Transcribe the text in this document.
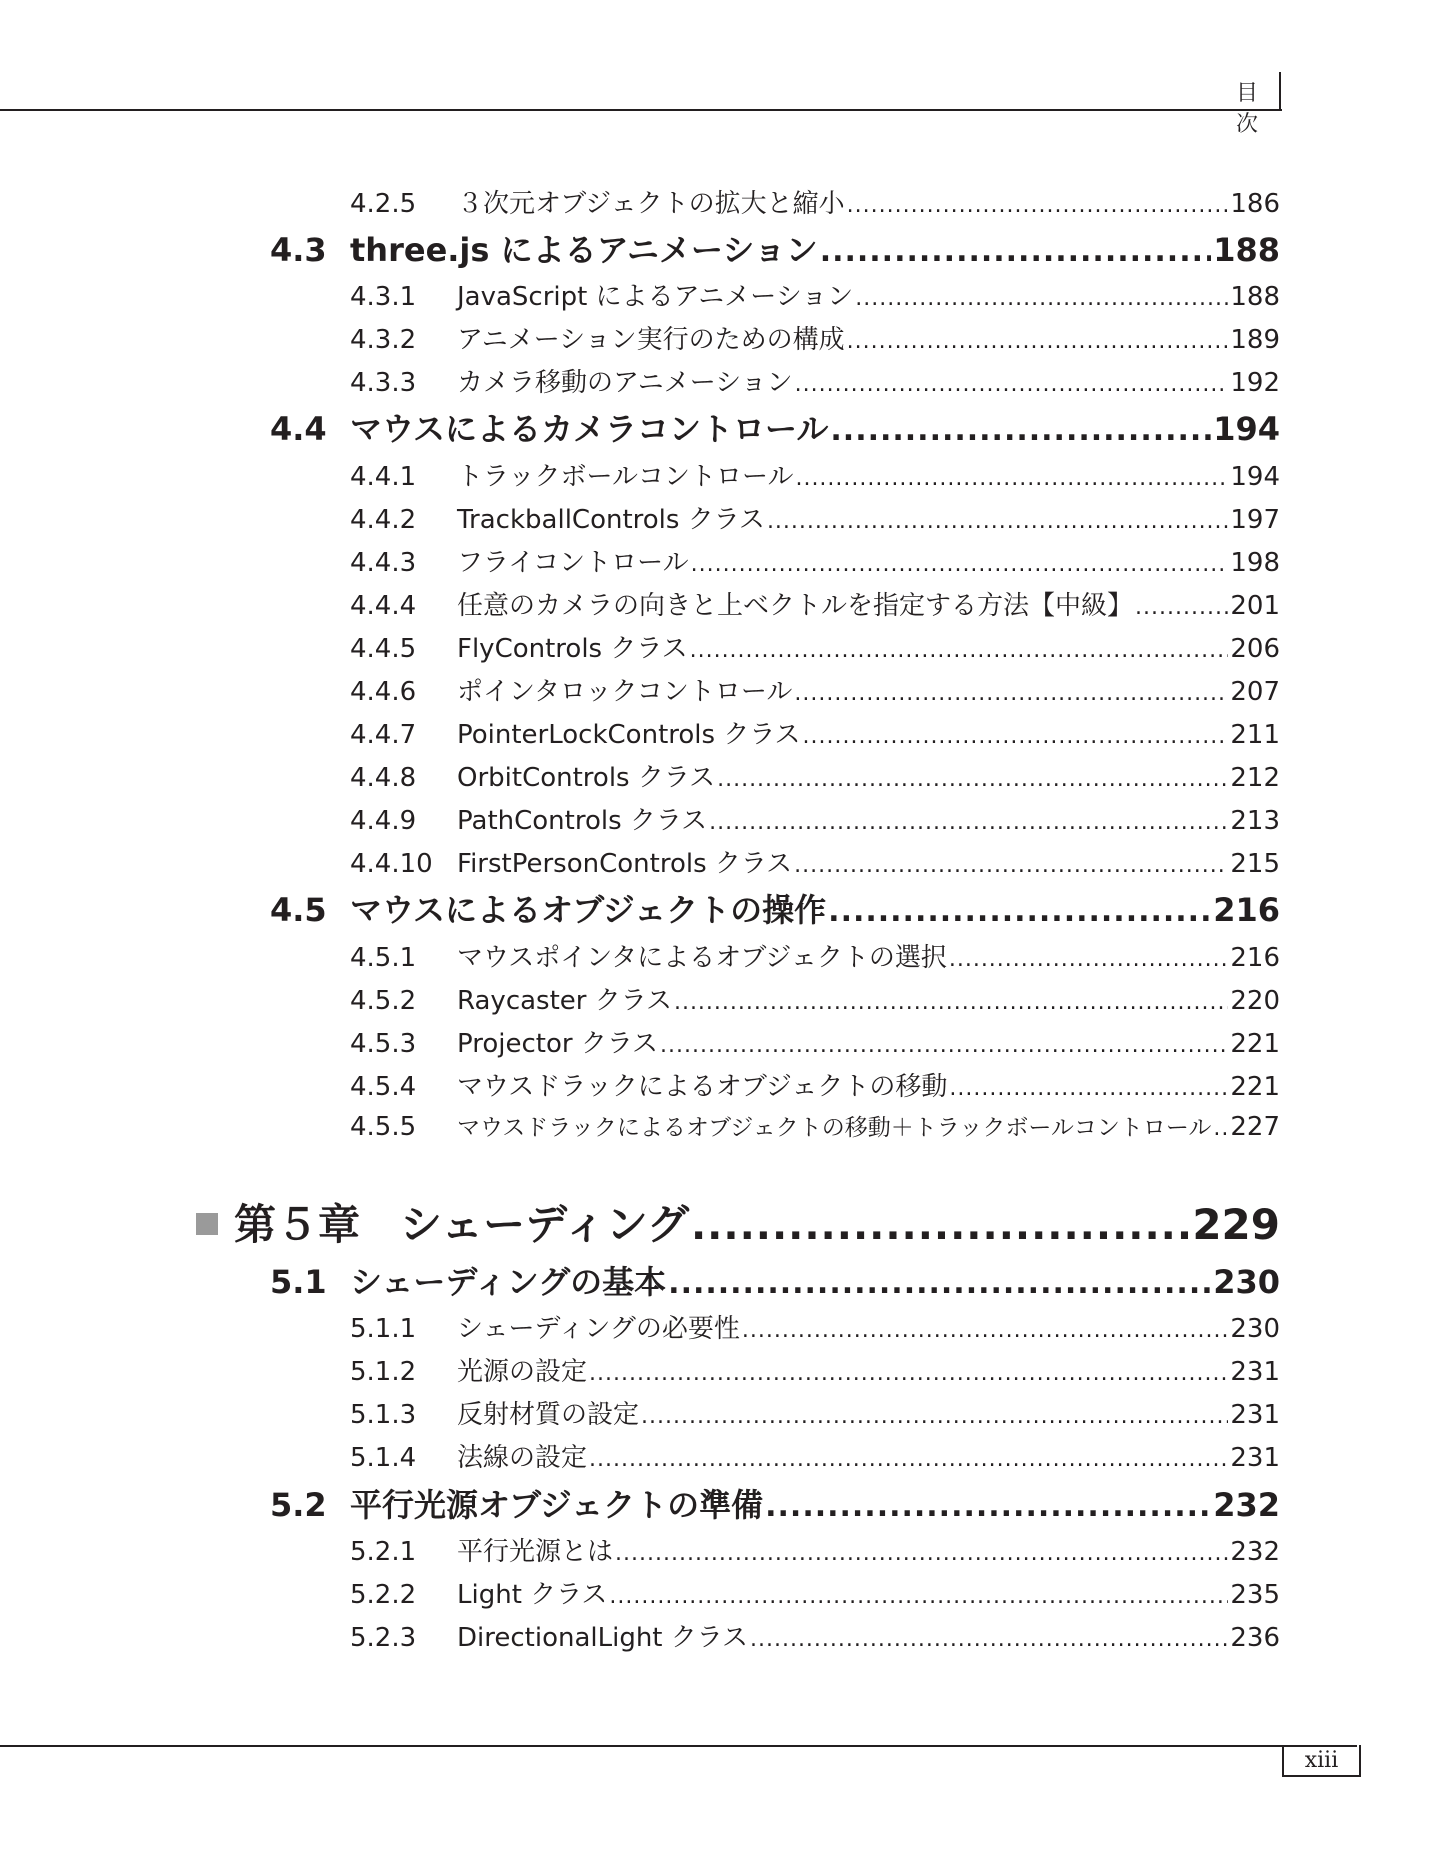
目 次
4.2.5	３次元オブジェクトの拡大と縮小 .....	186
4.3 three.js によるアニメーション .....	188
4.3.1	JavaScript によるアニメーション .....	188
4.3.2	アニメーション実行のための構成 .....	189
4.3.3	カメラ移動のアニメーション .....	192
4.4 マウスによるカメラコントロール .....	194
4.4.1	トラックボールコントロール .....	194
4.4.2	TrackballControls クラス .....	197
4.4.3	フライコントロール .....	198
4.4.4	任意のカメラの向きと上ベクトルを指定する方法【中級】 .....	201
4.4.5	FlyControls クラス .....	206
4.4.6	ポインタロックコントロール .....	207
4.4.7	PointerLockControls クラス .....	211
4.4.8	OrbitControls クラス .....	212
4.4.9	PathControls クラス .....	213
4.4.10 FirstPersonControls クラス .....	215
4.5 マウスによるオブジェクトの操作 .....	216
4.5.1	マウスポインタによるオブジェクトの選択 .....	216
4.5.2	Raycaster クラス .....	220
4.5.3	Projector クラス .....	221
4.5.4	マウスドラックによるオブジェクトの移動 .....	221
4.5.5	マウスドラックによるオブジェクトの移動＋トラックボールコントロール ..... 227
第５章 シェーディング .....	229
5.1 シェーディングの基本 .....	230
5.1.1	シェーディングの必要性 .....	230
5.1.2	光源の設定 .....	231
5.1.3	反射材質の設定 .....	231
5.1.4	法線の設定 .....	231
5.2 平行光源オブジェクトの準備 .....	232
5.2.1	平行光源とは .....	232
5.2.2	Light クラス .....	235
5.2.3	DirectionalLight クラス .....	236
xiii
